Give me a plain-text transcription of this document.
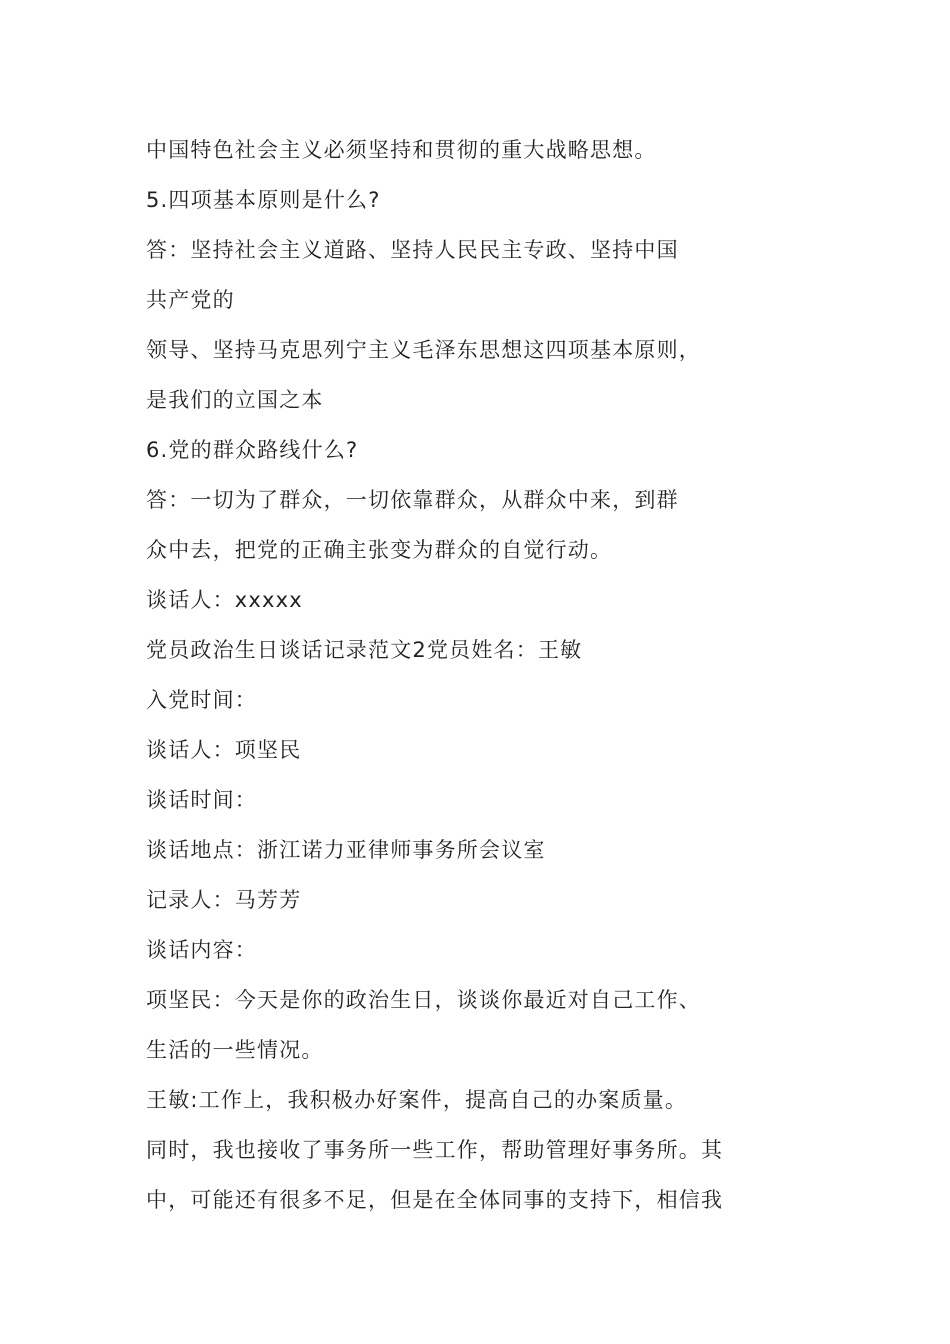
中国特色社会主义必须坚持和贯彻的重大战略思想。
5.四项基本原则是什么?
答：坚持社会主义道路、坚持人民民主专政、坚持中国
共产党的
领导、坚持马克思列宁主义毛泽东思想这四项基本原则，
是我们的立国之本
6.党的群众路线什么?
答：一切为了群众，一切依靠群众，从群众中来，到群
众中去，把党的正确主张变为群众的自觉行动。
谈话人：xxxxx
党员政治生日谈话记录范文2党员姓名：王敏
入党时间：
谈话人：项坚民
谈话时间：
谈话地点：浙江诺力亚律师事务所会议室
记录人：马芳芳
谈话内容：
项坚民：今天是你的政治生日，谈谈你最近对自己工作、
生活的一些情况。
王敏:工作上，我积极办好案件，提高自己的办案质量。
同时，我也接收了事务所一些工作，帮助管理好事务所。其
中，可能还有很多不足，但是在全体同事的支持下，相信我
